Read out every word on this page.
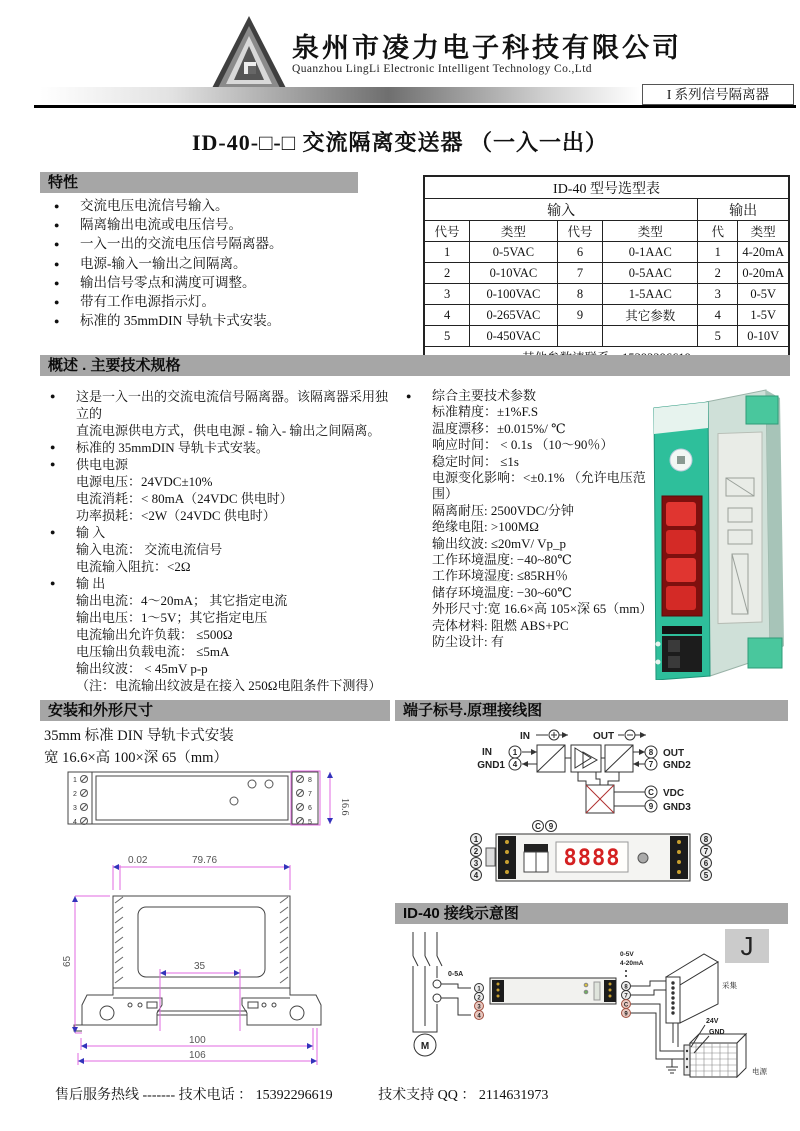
泉州市凌力电子科技有限公司
Quanzhou LingLi Electronic Intelligent Technology Co.,Ltd
I 系列信号隔离器
ID-40-□-□ 交流隔离变送器 （一入一出）
特性
● 交流电压电流信号输入。
● 隔离输出电流或电压信号。
● 一入一出的交流电压信号隔离器。
● 电源-输入一输出之间隔离。
● 输出信号零点和满度可调整。
● 带有工作电源指示灯。
● 标准的 35mmDIN 导轨卡式安装。
ID-40 型号选型表					
输入				输出	
代号	类型	代号	类型	代	类型
1	0-5VAC	6	0-1AAC	1	4-20mA
2	0-10VAC	7	0-5AAC	2	0-20mA
3	0-100VAC	8	1-5AAC	3	0-5V
4	0-265VAC	9	其它参数	4	1-5V
5	0-450VAC			5	0-10V

概述 . 主要技术规格
● 这是一入一出的交流电流信号隔离器。该隔离器采用独 立的
直流电源供电方式，供电电源 - 输入- 输出之间隔离。
● 标准的 35mmDIN 导轨卡式安装。
● 供电电源
电源电压：24VDC±10%
电流消耗：< 80mA（24VDC 供电时）
功率损耗：<2W（24VDC 供电时）
● 输 入
输入电流： 交流电流信号
电流输入阻抗：<2Ω
● 输 出
输出电流：4～20mA； 其它指定电流
输出电压：1～5V；其它指定电压
电流输出允许负载： ≤500Ω
电压输出负载电流： ≤5mA
输出纹波： < 45mV p-p
（注：电流输出纹波是在接入 250Ω电阻条件下测得）
● 综合主要技术参数
标准精度：±1%F.S
温度漂移：±0.015%/ ℃
响应时间： < 0.1s （10～90％）
稳定时间： ≤1s
电源变化影响：<±0.1% （允许电压范围）
隔离耐压: 2500VDC/分钟
绝缘电阻: >100MΩ
输出纹波: ≤20mV/ Vp_p
工作环境温度: −40~80℃
工作环境湿度: ≤85RH％
储存环境温度: −30~60℃
外形尺寸:宽 16.6×高 105×深 65（mm）
壳体材料: 阻燃 ABS+PC
防尘设计: 有
安装和外形尺寸
35mm 标准 DIN 导轨卡式安装
宽 16.6×高 100×深 65（mm）
1
2
3
4
8
7
6
5
16.6
0.02	79.76
65	35
100
106
端子标号.原理接线图
IN	OUT
1
4
8
7
C
9
IN
GND1
OUT
GND2
VDC
GND3
C 9
1
2
3
4
8
7
6
5
8888
ID-40 接线示意图
J
0-5A
M
1
2
3
4
8
7
C
9
0-5V
4-20mA
采集
24V
GND
电源
售后服务热线 ------- 技术电话 ： 15392296619	技术支持 QQ ： 2114631973
